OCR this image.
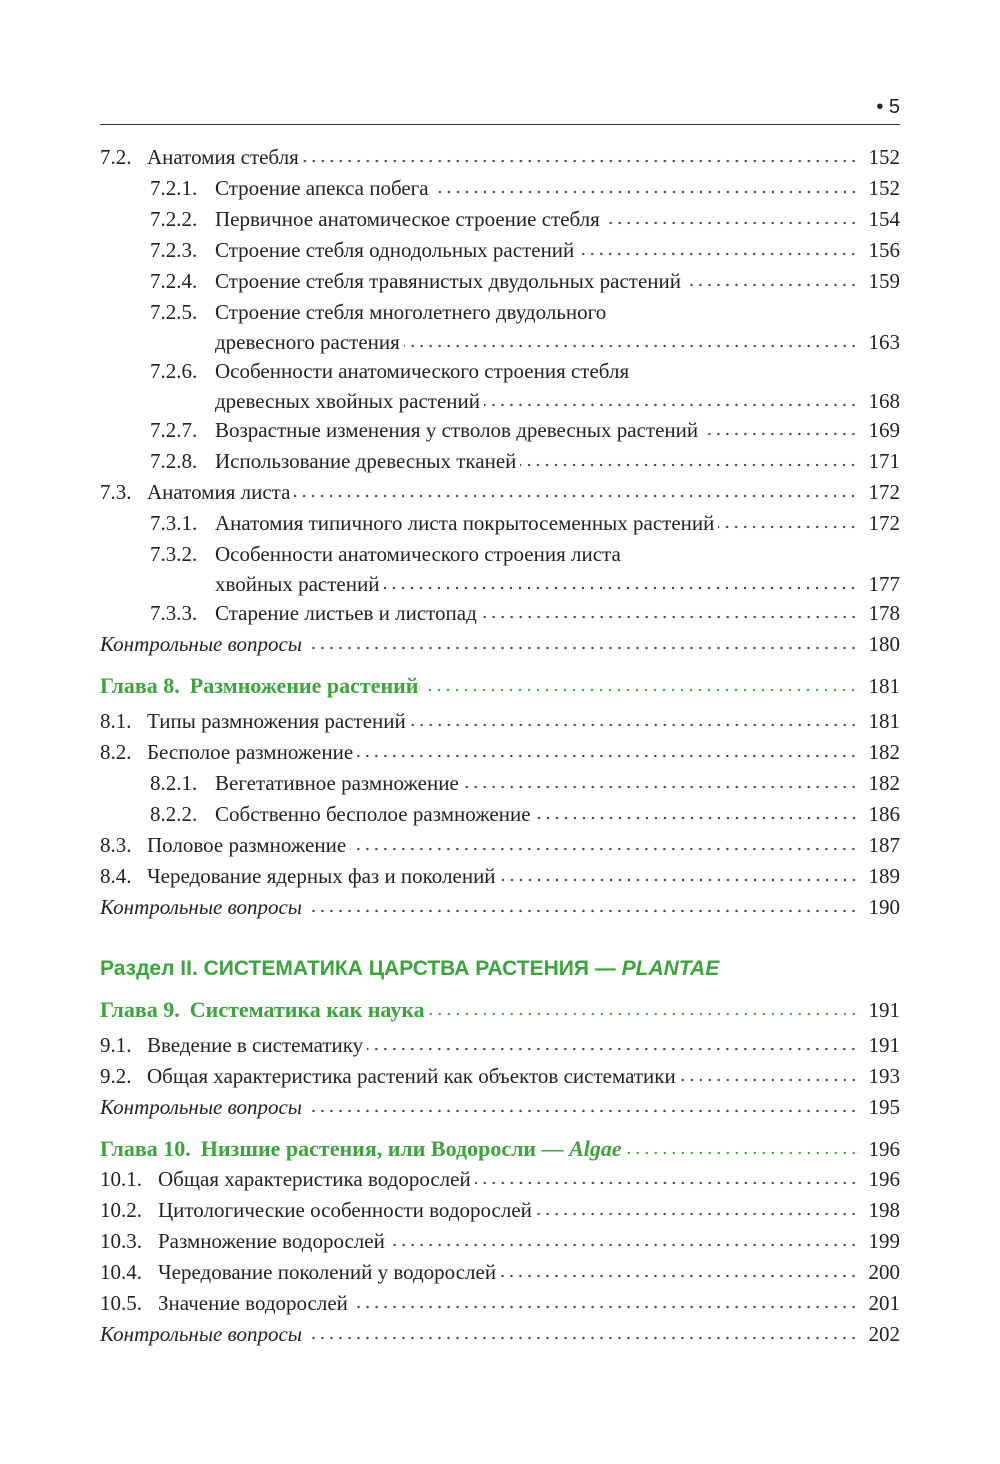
• 5
7.2. Анатомия стебля	152
7.2.1. Строение апекса побега	152
7.2.2. Первичное анатомическое строение стебля	154
7.2.3. Строение стебля однодольных растений	156
7.2.4. Строение стебля травянистых двудольных растений	159
7.2.5. Строение стебля многолетнего двудольного
древесного растения	163
7.2.6. Особенности анатомического строения стебля
древесных хвойных растений	168
7.2.7. Возрастные изменения у стволов древесных растений	169
7.2.8. Использование древесных тканей	171
7.3. Анатомия листа	172
7.3.1. Анатомия типичного листа покрытосеменных растений	172
7.3.2. Особенности анатомического строения листа
хвойных растений	177
7.3.3. Старение листьев и листопад	178
Контрольные вопросы	180
Глава 8. Размножение растений	181
8.1. Типы размножения растений	181
8.2. Бесполое размножение	182
8.2.1. Вегетативное размножение	182
8.2.2. Собственно бесполое размножение	186
8.3. Половое размножение	187
8.4. Чередование ядерных фаз и поколений	189
Контрольные вопросы	190
Раздел II. СИСТЕМАТИКА ЦАРСТВА РАСТЕНИЯ — PLANTAE
Глава 9. Систематика как наука	191
9.1. Введение в систематику	191
9.2. Общая характеристика растений как объектов систематики	193
Контрольные вопросы	195
Глава 10. Низшие растения, или Водоросли — Algae	196
10.1. Общая характеристика водорослей	196
10.2. Цитологические особенности водорослей	198
10.3. Размножение водорослей	199
10.4. Чередование поколений у водорослей	200
10.5. Значение водорослей	201
Контрольные вопросы	202
